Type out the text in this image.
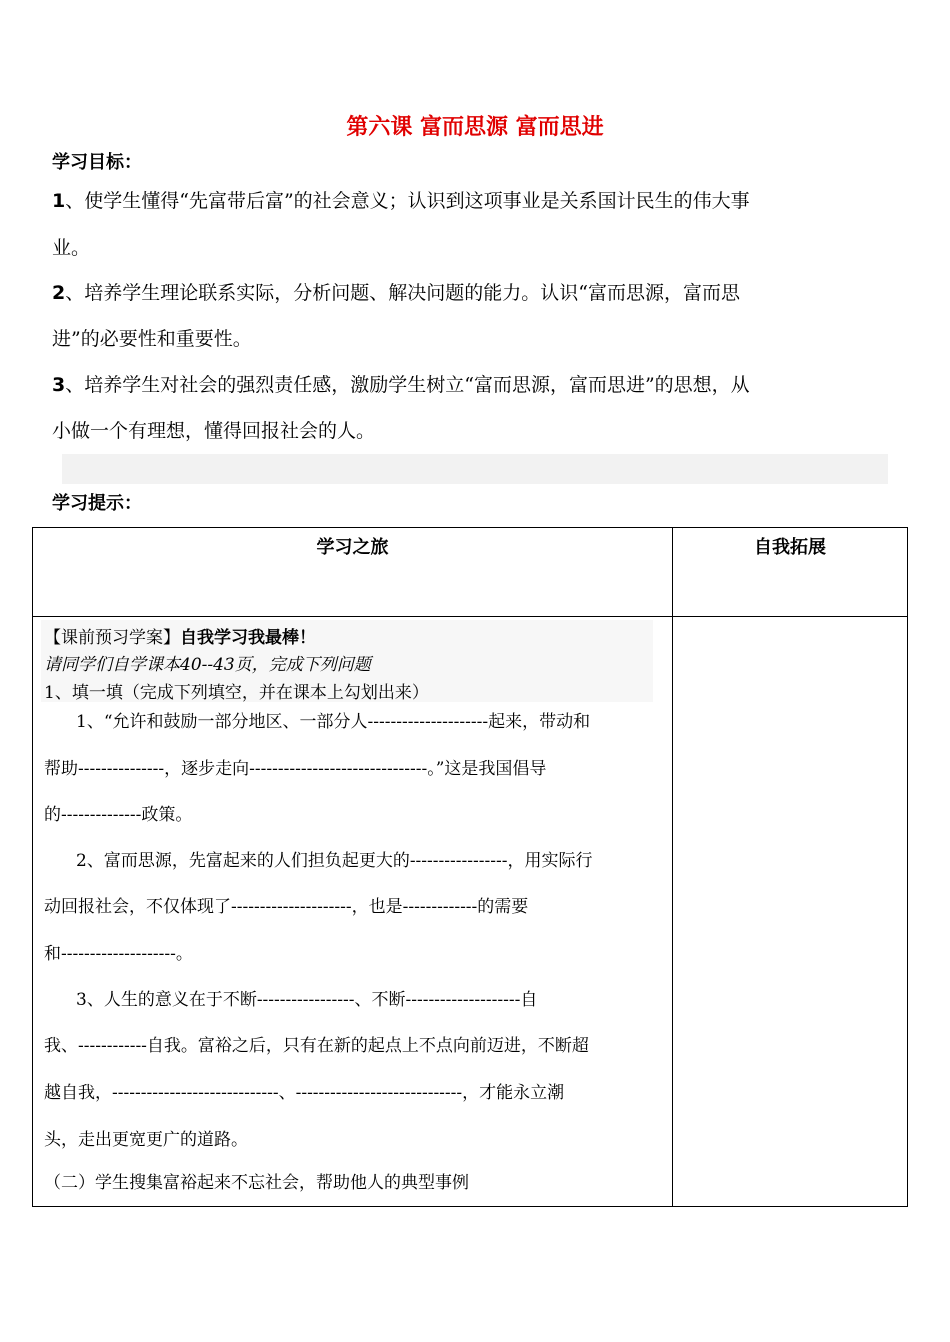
第六课 富而思源 富而思进
学习目标：
1、使学生懂得“先富带后富”的社会意义；认识到这项事业是关系国计民生的伟大事
业。
2、培养学生理论联系实际，分析问题、解决问题的能力。认识“富而思源，富而思
进”的必要性和重要性。
3、培养学生对社会的强烈责任感，激励学生树立“富而思源，富而思进”的思想，从
小做一个有理想，懂得回报社会的人。
学习提示：
学习之旅	自我拓展
【课前预习学案】自我学习我最棒！
请同学们自学课本40--43页，完成下列问题
1、填一填（完成下列填空，并在课本上勾划出来）
1、“允许和鼓励一部分地区、一部分人---------------------起来，带动和
帮助---------------，逐步走向-------------------------------。”这是我国倡导
的--------------政策。
2、富而思源，先富起来的人们担负起更大的-----------------，用实际行
动回报社会，不仅体现了---------------------，也是-------------的需要
和--------------------。
3、人生的意义在于不断-----------------、不断--------------------自
我、------------自我。富裕之后，只有在新的起点上不点向前迈进，不断超
越自我，-----------------------------、-----------------------------，才能永立潮
头，走出更宽更广的道路。
（二）学生搜集富裕起来不忘社会，帮助他人的典型事例
